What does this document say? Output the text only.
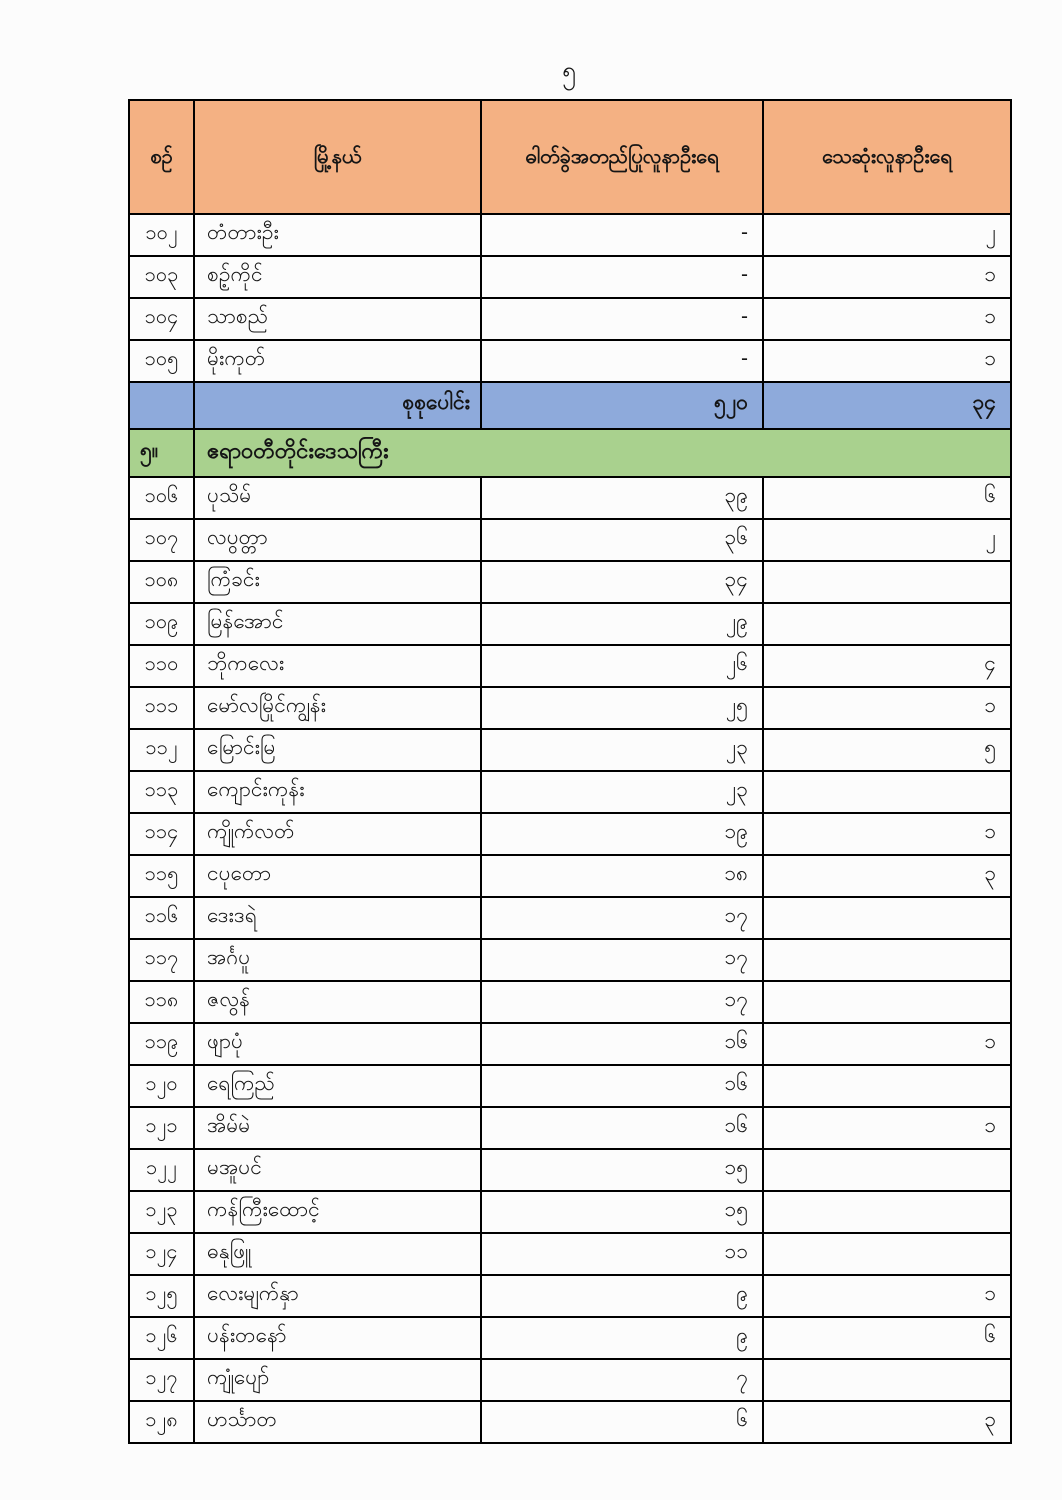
၅
စဉ်	မြို့နယ်	ဓါတ်ခွဲအတည်ပြုလူနာဦးရေ	သေဆုံးလူနာဦးရေ
၁၀၂	တံတားဦး	-	၂
၁၀၃	စဉ့်ကိုင်	-	၁
၁၀၄	သာစည်	-	၁
၁၀၅	မိုးကုတ်	-	၁
	စုစုပေါင်း	၅၂၀	၃၄
၅။	ဧရာဝတီတိုင်းဒေသကြီး		
၁၀၆	ပုသိမ်	၃၉	၆
၁၀၇	လပွတ္တာ	၃၆	၂
၁၀၈	ကြံခင်း	၃၄	
၁၀၉	မြန်အောင်	၂၉	
၁၁၀	ဘိုကလေး	၂၆	၄
၁၁၁	မော်လမြိုင်ကျွန်း	၂၅	၁
၁၁၂	မြောင်းမြ	၂၃	၅
၁၁၃	ကျောင်းကုန်း	၂၃	
၁၁၄	ကျိုက်လတ်	၁၉	၁
၁၁၅	ငပုတော	၁၈	၃
၁၁၆	ဒေးဒရဲ	၁၇	
၁၁၇	အင်္ဂပူ	၁၇	
၁၁၈	ဇလွန်	၁၇	
၁၁၉	ဖျာပုံ	၁၆	၁
၁၂၀	ရေကြည်	၁၆	
၁၂၁	အိမ်မဲ	၁၆	၁
၁၂၂	မအူပင်	၁၅	
၁၂၃	ကန်ကြီးထောင့်	၁၅	
၁၂၄	ဓနုဖြူ	၁၁	
၁၂၅	လေးမျက်နှာ	၉	၁
၁၂၆	ပန်းတနော်	၉	၆
၁၂၇	ကျုံပျော်	၇	
၁၂၈	ဟင်္သာတ	၆	၃
